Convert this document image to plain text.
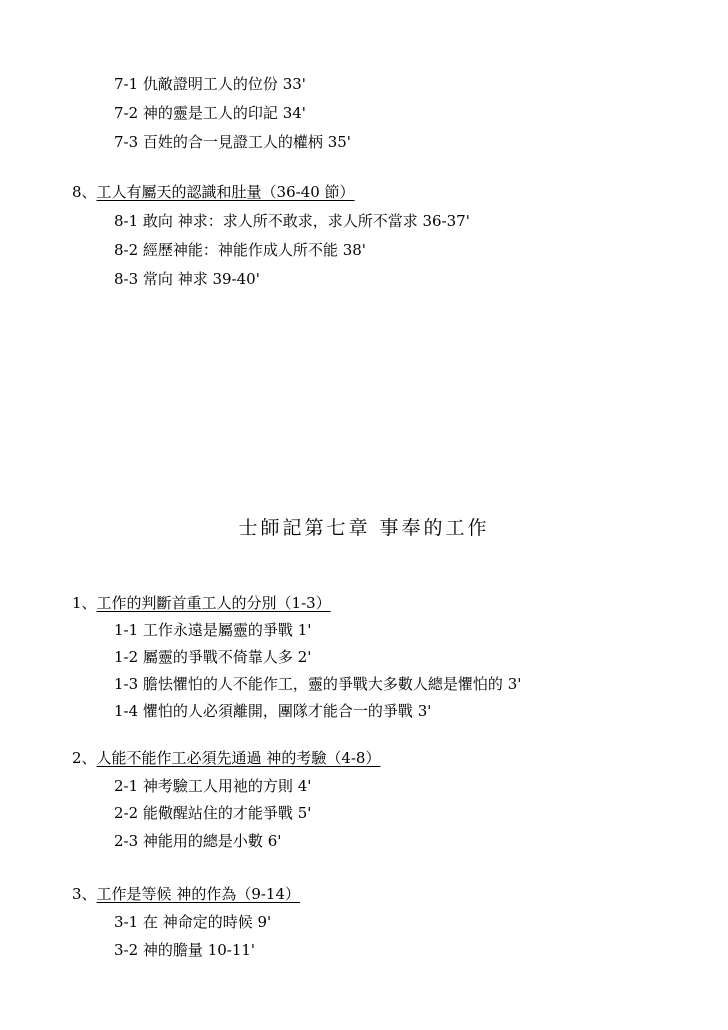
7-1 仇敵證明工人的位份 33'
7-2 神的靈是工人的印記 34'
7-3 百姓的合一見證工人的權柄 35'
8、工人有屬天的認識和肚量（36-40 節）
8-1 敢向 神求：求人所不敢求，求人所不當求 36-37'
8-2 經歷神能：神能作成人所不能 38'
8-3 常向 神求 39-40'
士師記第七章 事奉的工作
1、工作的判斷首重工人的分別（1-3）
1-1 工作永遠是屬靈的爭戰 1'
1-2 屬靈的爭戰不倚靠人多 2'
1-3 膽怯懼怕的人不能作工，靈的爭戰大多數人總是懼怕的 3'
1-4 懼怕的人必須離開，團隊才能合一的爭戰 3'
2、人能不能作工必須先通過 神的考驗（4-8）
2-1 神考驗工人用祂的方則 4'
2-2 能儆醒站住的才能爭戰 5'
2-3 神能用的總是小數 6'
3、工作是等候 神的作為（9-14）
3-1 在 神命定的時候 9'
3-2 神的膽量 10-11'
